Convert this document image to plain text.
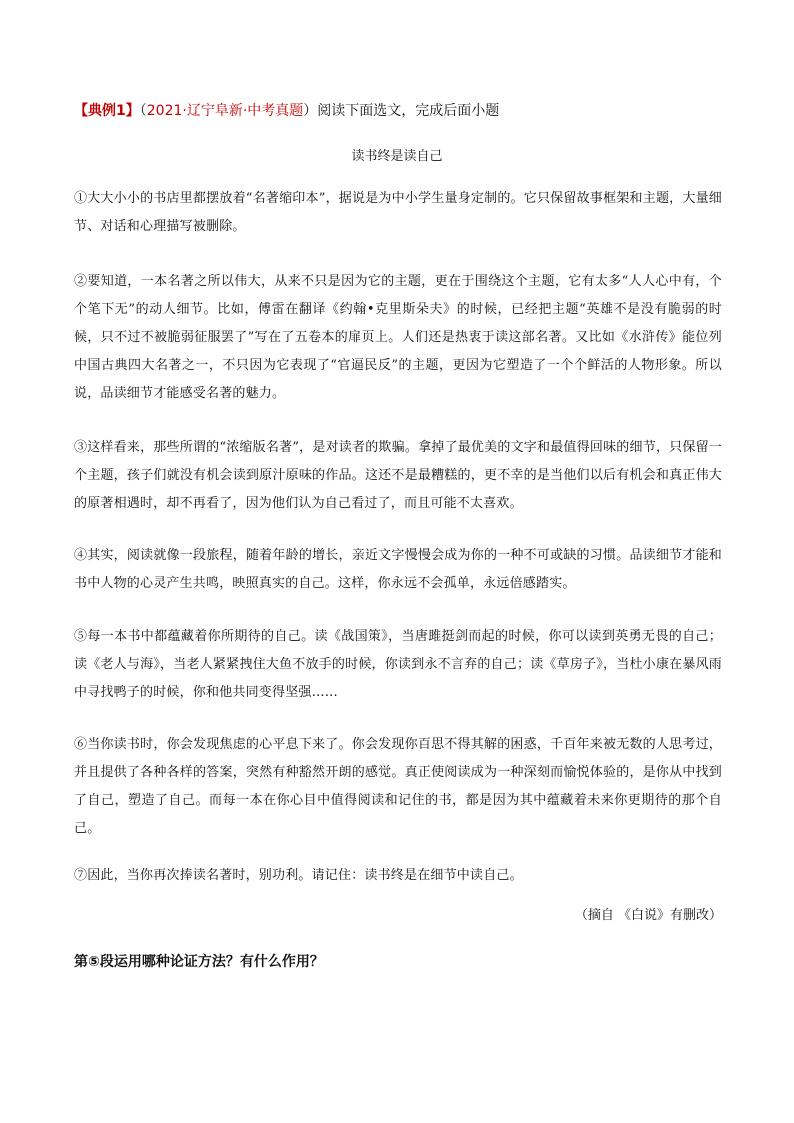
【典例1】（2021·辽宁阜新·中考真题）阅读下面选文，完成后面小题
读书终是读自己
①大大小小的书店里都摆放着“名著缩印本”，据说是为中小学生量身定制的。它只保留故事框架和主题，大量细节、对话和心理描写被删除。
②要知道，一本名著之所以伟大，从来不只是因为它的主题，更在于围绕这个主题，它有太多“人人心中有，个个笔下无”的动人细节。比如，傅雷在翻译《约翰•克里斯朵夫》的时候，已经把主题“英雄不是没有脆弱的时候，只不过不被脆弱征服罢了”写在了五卷本的扉页上。人们还是热衷于读这部名著。又比如《水浒传》能位列中国古典四大名著之一，不只因为它表现了“官逼民反”的主题，更因为它塑造了一个个鲜活的人物形象。所以说，品读细节才能感受名著的魅力。
③这样看来，那些所谓的“浓缩版名著”，是对读者的欺骗。拿掉了最优美的文字和最值得回味的细节，只保留一个主题，孩子们就没有机会读到原汁原味的作品。这还不是最糟糕的，更不幸的是当他们以后有机会和真正伟大的原著相遇时，却不再看了，因为他们认为自己看过了，而且可能不太喜欢。
④其实，阅读就像一段旅程，随着年龄的增长，亲近文字慢慢会成为你的一种不可或缺的习惯。品读细节才能和书中人物的心灵产生共鸣，映照真实的自己。这样，你永远不会孤单，永远倍感踏实。
⑤每一本书中都蕴藏着你所期待的自己。读《战国策》，当唐雎挺剑而起的时候，你可以读到英勇无畏的自己；读《老人与海》，当老人紧紧拽住大鱼不放手的时候，你读到永不言弃的自己；读《草房子》，当杜小康在暴风雨中寻找鸭子的时候，你和他共同变得坚强……
⑥当你读书时，你会发现焦虑的心平息下来了。你会发现你百思不得其解的困惑，千百年来被无数的人思考过，并且提供了各种各样的答案，突然有种豁然开朗的感觉。真正使阅读成为一种深刻而愉悦体验的，是你从中找到了自己，塑造了自己。而每一本在你心目中值得阅读和记住的书，都是因为其中蕴藏着未来你更期待的那个自己。
⑦因此，当你再次捧读名著时，别功利。请记住：读书终是在细节中读自己。
（摘自 《白说》有删改）
第⑤段运用哪种论证方法？有什么作用？
